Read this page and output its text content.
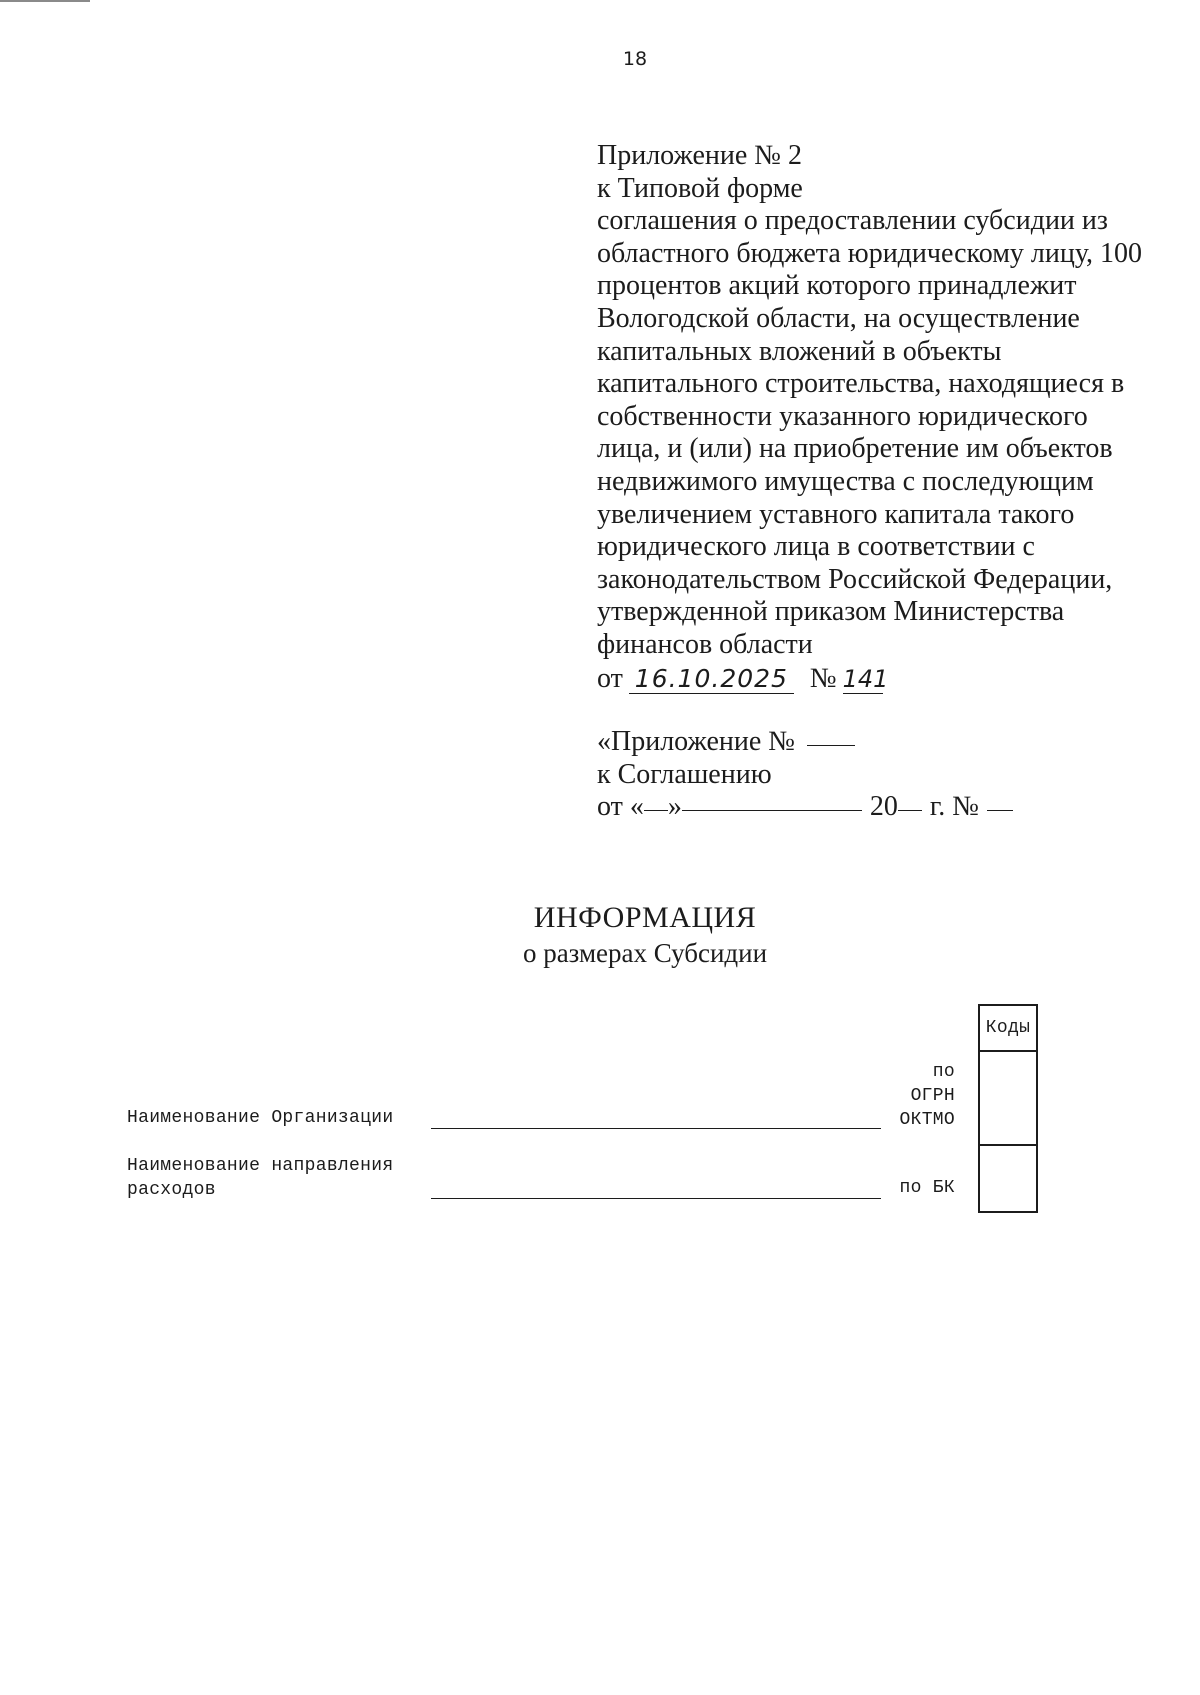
18
Приложение № 2
к Типовой форме
соглашения о предоставлении субсидии из
областного бюджета юридическому лицу, 100
процентов акций которого принадлежит
Вологодской области, на осуществление
капитальных вложений в объекты
капитального строительства, находящиеся в
собственности указанного юридического
лица, и (или) на приобретение им объектов
недвижимого имущества с последующим
увеличением уставного капитала такого
юридического лица в соответствии с
законодательством Российской Федерации,
утвержденной приказом Министерства
финансов области
от 16.10.2025 № 141
«Приложение №
к Соглашению
от « »	20 г. №
ИНФОРМАЦИЯ
о размерах Субсидии
Коды
по
ОГРН
ОКТМО
по БК
Наименование Организации
Наименование направления
расходов
